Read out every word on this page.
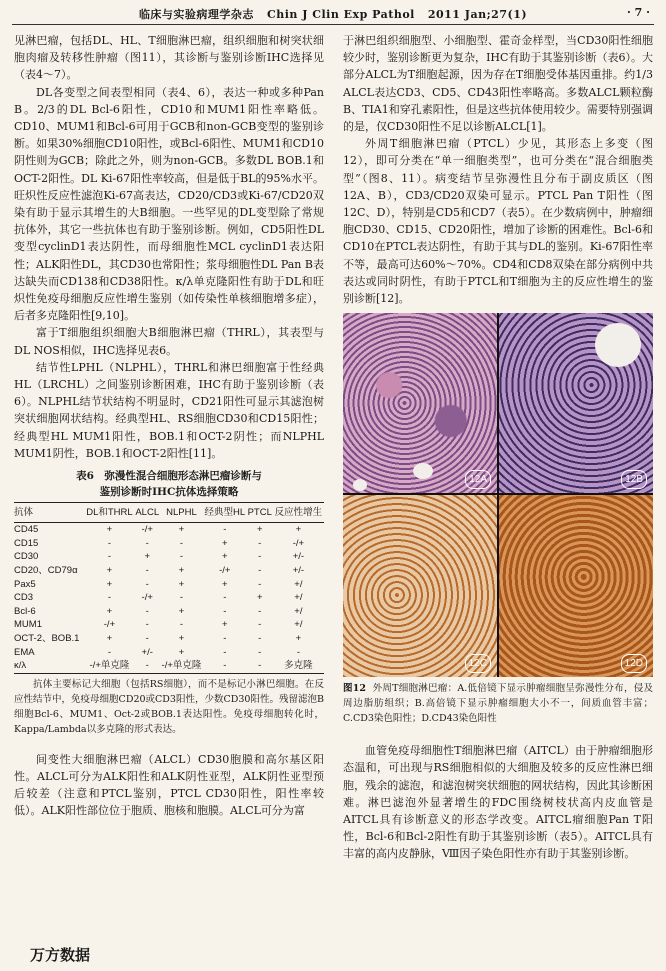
临床与实验病理学杂志 Chin J Clin Exp Pathol 2011 Jan;27(1)	· 7 ·

见淋巴瘤，包括DL、HL、T细胞淋巴瘤，组织细胞和树突状细胞肉瘤及转移性肿瘤（图11），其诊断与鉴别诊断IHC选择见（表4～7）。

DL各变型之间表型相同（表4、6），表达一种或多种Pan B。2/3的DL Bcl-6阳性，CD10和MUM1阳性率略低。CD10、MUM1和Bcl-6可用于GCB和non-GCB变型的鉴别诊断。如果30%细胞CD10阳性，或Bcl-6阳性、MUM1和CD10阴性则为GCB；除此之外，则为non-GCB。多数DL BOB.1和OCT-2阳性。DL Ki-67阳性率较高，但是低于BL的95%水平。旺炽性反应性滤泡Ki-67高表达，CD20/CD3或Ki-67/CD20双染有助于显示其增生的大B细胞。一些罕见的DL变型除了常规抗体外，其它一些抗体也有助于鉴别诊断。例如，CD5阳性DL变型cyclinD1表达阴性，而母细胞性MCL cyclinD1表达阳性；ALK阳性DL，其CD30也常阳性；浆母细胞性DL Pan B表达缺失而CD138和CD38阳性。κ/λ单克隆阳性有助于DL和旺炽性免疫母细胞反应性增生鉴别（如传染性单核细胞增多症），后者多克隆阳性[9,10]。

富于T细胞组织细胞大B细胞淋巴瘤（THRL），其表型与DL NOS相似，IHC选择见表6。

结节性LPHL（NLPHL），THRL和淋巴细胞富于性经典HL（LRCHL）之间鉴别诊断困难，IHC有助于鉴别诊断（表6）。NLPHL结节状结构不明显时，CD21阳性可显示其滤泡树突状细胞网状结构。经典型HL、RS细胞CD30和CD15阳性；经典型HL MUM1阳性，BOB.1和OCT-2阴性；而NLPHL MUM1阴性，BOB.1和OCT-2阳性[11]。

表6　弥漫性混合细胞形态淋巴瘤诊断与
鉴别诊断时IHC抗体选择策略
抗体	DL和THRL	ALCL	NLPHL	经典型HL	PTCL	反应性增生
CD45	+	-/+	+	-	+	+
CD15	-	-	-	+	-	-/+
CD30	-	+	-	+	-	+/-
CD20、CD79α	+	-	+	-/+	-	+/-
Pax5	+	-	+	+	-	+/
CD3	-	-/+	-	-	+	+/
Bcl-6	+	-	+	-	-	+/
MUM1	-/+	-	-	+	-	+/
OCT-2、BOB.1	+	-	+	-	-	+
EMA	-	+/-	+	-	-	-
κ/λ	-/+单克隆	-	-/+单克隆	-	-	多克隆
抗体主要标记大细胞（包括RS细胞），而不是标记小淋巴细胞。在反应性结节中，免疫母细胞CD20或CD3阳性，少数CD30阳性。残留滤泡B细胞Bcl-6、MUM1、Oct-2或BOB.1表达阳性。免疫母细胞转化时，Kappa/Lambda以多克隆的形式表达。

间变性大细胞淋巴瘤（ALCL）CD30胞膜和高尔基区阳性。ALCL可分为ALK阳性和ALK阴性亚型，ALK阴性亚型预后较差（注意和PTCL鉴别，PTCL CD30阳性，阳性率较低）。ALK阳性部位位于胞质、胞核和胞膜。ALCL可分为富

于淋巴组织细胞型、小细胞型、霍奇金样型，当CD30阳性细胞较少时，鉴别诊断更为复杂，IHC有助于其鉴别诊断（表6）。大部分ALCL为T细胞起源，因为存在T细胞受体基因重排。约1/3 ALCL表达CD3、CD5、CD43阳性率略高。多数ALCL颗粒酶B、TIA1和穿孔素阳性，但是这些抗体使用较少。需要特别强调的是，仅CD30阳性不足以诊断ALCL[1]。

外周T细胞淋巴瘤（PTCL）少见，其形态上多变（图12），即可分类在“单一细胞类型”，也可分类在“混合细胞类型”（图8、11）。病变结节呈弥漫性且分布于副皮质区（图12A、B），CD3/CD20双染可显示。PTCL Pan T阳性（图12C、D），特别是CD5和CD7（表5）。在少数病例中，肿瘤细胞CD30、CD15、CD20阳性，增加了诊断的困难性。Bcl-6和CD10在PTCL表达阴性，有助于其与DL的鉴别。Ki-67阳性率不等，最高可达60%～70%。CD4和CD8双染在部分病例中共表达或同时阴性，有助于PTCL和T细胞为主的反应性增生的鉴别诊断[12]。

12A	12B
12C	12D
图12 外周T细胞淋巴瘤：A.低倍镜下显示肿瘤细胞呈弥漫性分布，侵及周边脂肪组织；B.高倍镜下显示肿瘤细胞大小不一，间质血管丰富；C.CD3染色阳性；D.CD43染色阳性

血管免疫母细胞性T细胞淋巴瘤（AITCL）由于肿瘤细胞形态温和，可出现与RS细胞相似的大细胞及较多的反应性淋巴细胞，残余的滤泡，和滤泡树突状细胞的网状结构，因此其诊断困难。淋巴滤泡外显著增生的FDC围绕树枝状高内皮血管是AITCL具有诊断意义的形态学改变。AITCL瘤细胞Pan T阳性，Bcl-6和Bcl-2阳性有助于其鉴别诊断（表5）。AITCL具有丰富的高内皮静脉，Ⅷ因子染色阳性亦有助于其鉴别诊断。

万方数据
